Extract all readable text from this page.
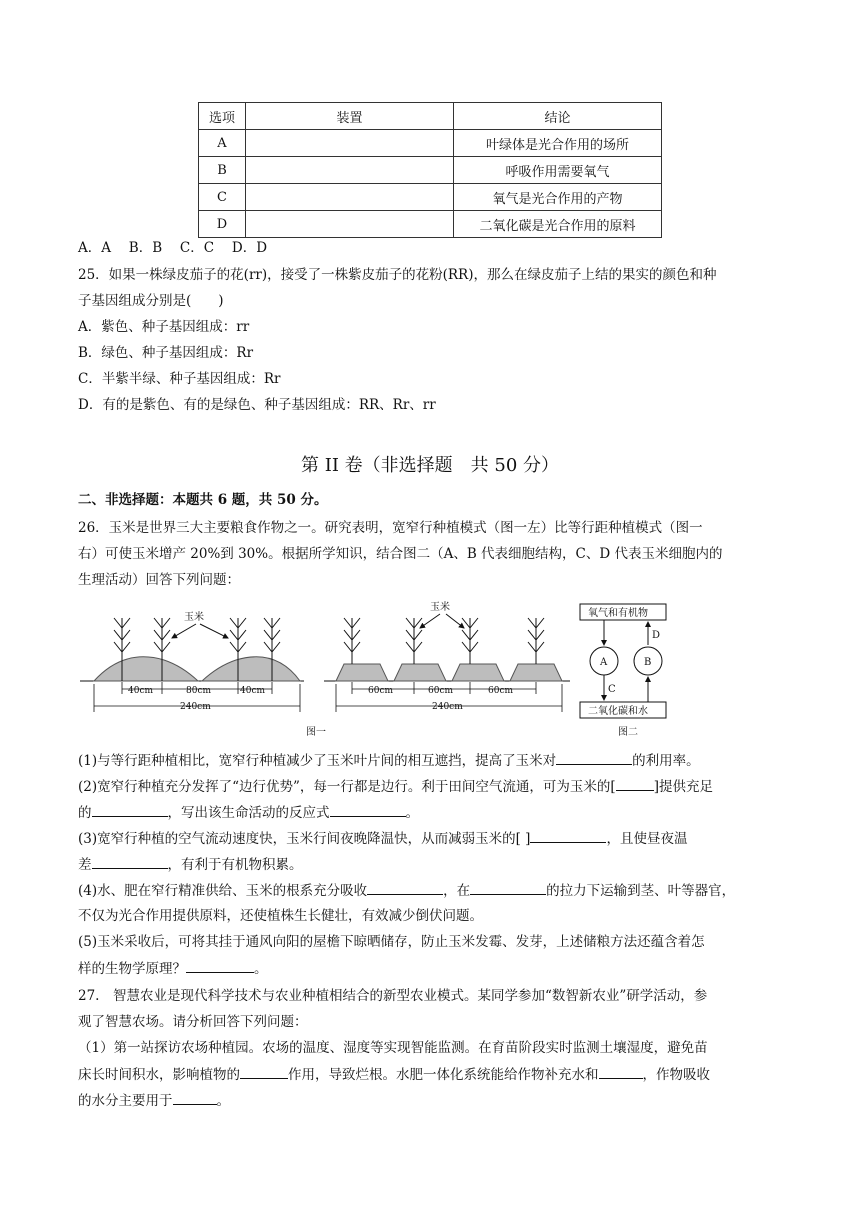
选项	装置	结论
A		叶绿体是光合作用的场所
B		呼吸作用需要氧气
C		氧气是光合作用的产物
D		二氧化碳是光合作用的原料
A．A　 B．B　 C．C　 D．D
25．如果一株绿皮茄子的花(rr)，接受了一株紫皮茄子的花粉(RR)，那么在绿皮茄子上结的果实的颜色和种
子基因组成分别是(　　)
A．紫色、种子基因组成：rr
B．绿色、种子基因组成：Rr
C．半紫半绿、种子基因组成：Rr
D．有的是紫色、有的是绿色、种子基因组成：RR、Rr、rr
第 II 卷（非选择题　共 50 分）
二、非选择题：本题共 6 题，共 50 分。
26．玉米是世界三大主要粮食作物之一。研究表明，宽窄行种植模式（图一左）比等行距种植模式（图一
右）可使玉米增产 20%到 30%。根据所学知识，结合图二（A、B 代表细胞结构，C、D 代表玉米细胞内的
生理活动）回答下列问题：
玉米
40cm	80cm	40cm
240cm
玉米
60cm	60cm	60cm
240cm
图一
氧气和有机物
二氧化碳和水
A	B
C
D
图二
(1)与等行距种植相比，宽窄行种植减少了玉米叶片间的相互遮挡，提高了玉米对	的利用率。
(2)宽窄行种植充分发挥了“边行优势”，每一行都是边行。利于田间空气流通，可为玉米的[	]提供充足
的	，写出该生命活动的反应式	。
(3)宽窄行种植的空气流动速度快，玉米行间夜晚降温快，从而减弱玉米的[ ]	，且使昼夜温
差	，有利于有机物积累。
(4)水、肥在窄行精准供给、玉米的根系充分吸收	，在	的拉力下运输到茎、叶等器官，
不仅为光合作用提供原料，还使植株生长健壮，有效减少倒伏问题。
(5)玉米采收后，可将其挂于通风向阳的屋檐下晾晒储存，防止玉米发霉、发芽，上述储粮方法还蕴含着怎
样的生物学原理？	。
27.　智慧农业是现代科学技术与农业种植相结合的新型农业模式。某同学参加“数智新农业”研学活动，参
观了智慧农场。请分析回答下列问题：
（1）第一站探访农场种植园。农场的温度、湿度等实现智能监测。在育苗阶段实时监测土壤湿度，避免苗
床长时间积水，影响植物的	作用，导致烂根。水肥一体化系统能给作物补充水和	，作物吸收
的水分主要用于	。
